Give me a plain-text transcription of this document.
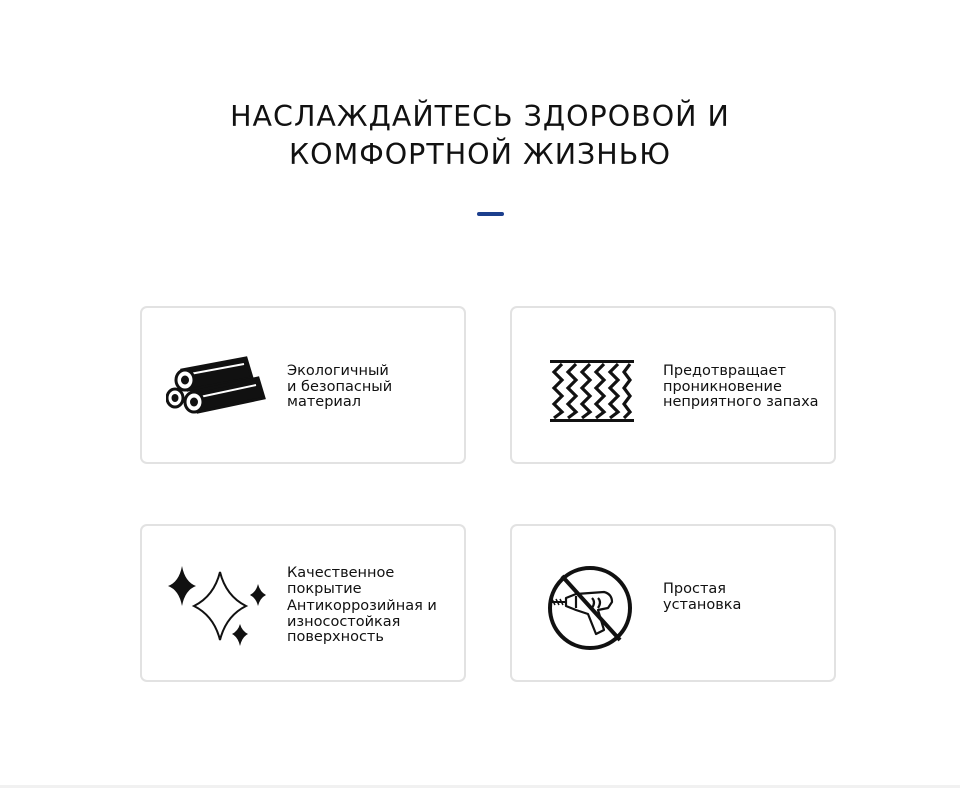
НАСЛАЖДАЙТЕСЬ ЗДОРОВОЙ И
КОМФОРТНОЙ ЖИЗНЬЮ
Экологичный
и безопасный
материал
Предотвращает
проникновение
неприятного запаха
Качественное
покрытие
Антикоррозийная и
износостойкая
поверхность
Простая
установка
